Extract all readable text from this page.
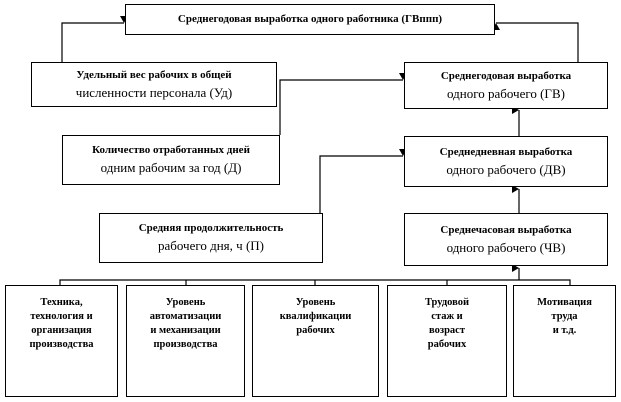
Среднегодовая выработка одного работника (ГВппп)
Удельный вес рабочих в общей
численности персонала (Уд)
Среднегодовая выработка
одного рабочего (ГВ)
Количество отработанных дней
одним рабочим за год (Д)
Среднедневная выработка
одного рабочего (ДВ)
Средняя продолжительность
рабочего дня, ч (П)
Среднечасовая выработка
одного рабочего (ЧВ)
Техника,
технология и
организация
производства
Уровень
автоматизации
и механизации
производства
Уровень
квалификации
рабочих
Трудовой
стаж и
возраст
рабочих
Мотивация
труда
и т.д.
